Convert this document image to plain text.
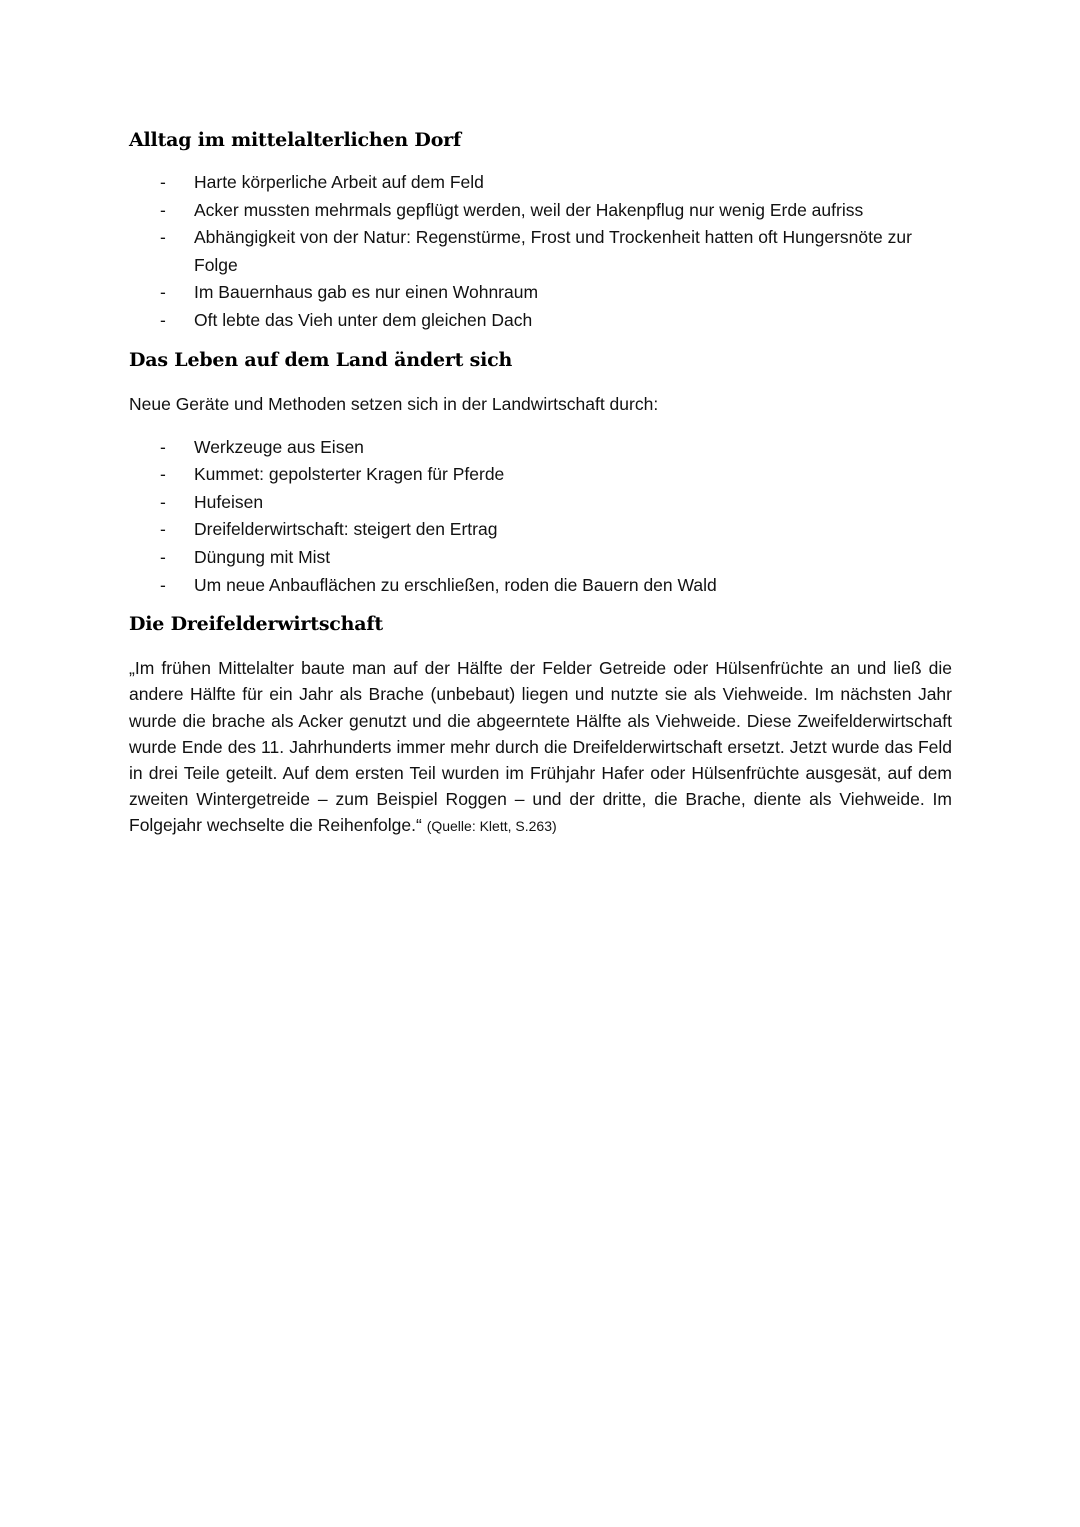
Alltag im mittelalterlichen Dorf
- Harte körperliche Arbeit auf dem Feld
- Acker mussten mehrmals gepflügt werden, weil der Hakenpflug nur wenig Erde aufriss
- Abhängigkeit von der Natur: Regenstürme, Frost und Trockenheit hatten oft Hungersnöte zur Folge
- Im Bauernhaus gab es nur einen Wohnraum
- Oft lebte das Vieh unter dem gleichen Dach
Das Leben auf dem Land ändert sich

Neue Geräte und Methoden setzen sich in der Landwirtschaft durch:

- Werkzeuge aus Eisen
- Kummet: gepolsterter Kragen für Pferde
- Hufeisen
- Dreifelderwirtschaft: steigert den Ertrag
- Düngung mit Mist
- Um neue Anbauflächen zu erschließen, roden die Bauern den Wald
Die Dreifelderwirtschaft

„Im frühen Mittelalter baute man auf der Hälfte der Felder Getreide oder Hülsenfrüchte an und ließ die andere Hälfte für ein Jahr als Brache (unbebaut) liegen und nutzte sie als Viehweide. Im nächsten Jahr wurde die brache als Acker genutzt und die abgeerntete Hälfte als Viehweide. Diese Zweifelderwirtschaft wurde Ende des 11. Jahrhunderts immer mehr durch die Dreifelderwirtschaft ersetzt. Jetzt wurde das Feld in drei Teile geteilt. Auf dem ersten Teil wurden im Frühjahr Hafer oder Hülsenfrüchte ausgesät, auf dem zweiten Wintergetreide – zum Beispiel Roggen – und der dritte, die Brache, diente als Viehweide. Im Folgejahr wechselte die Reihenfolge.“ (Quelle: Klett, S.263)
